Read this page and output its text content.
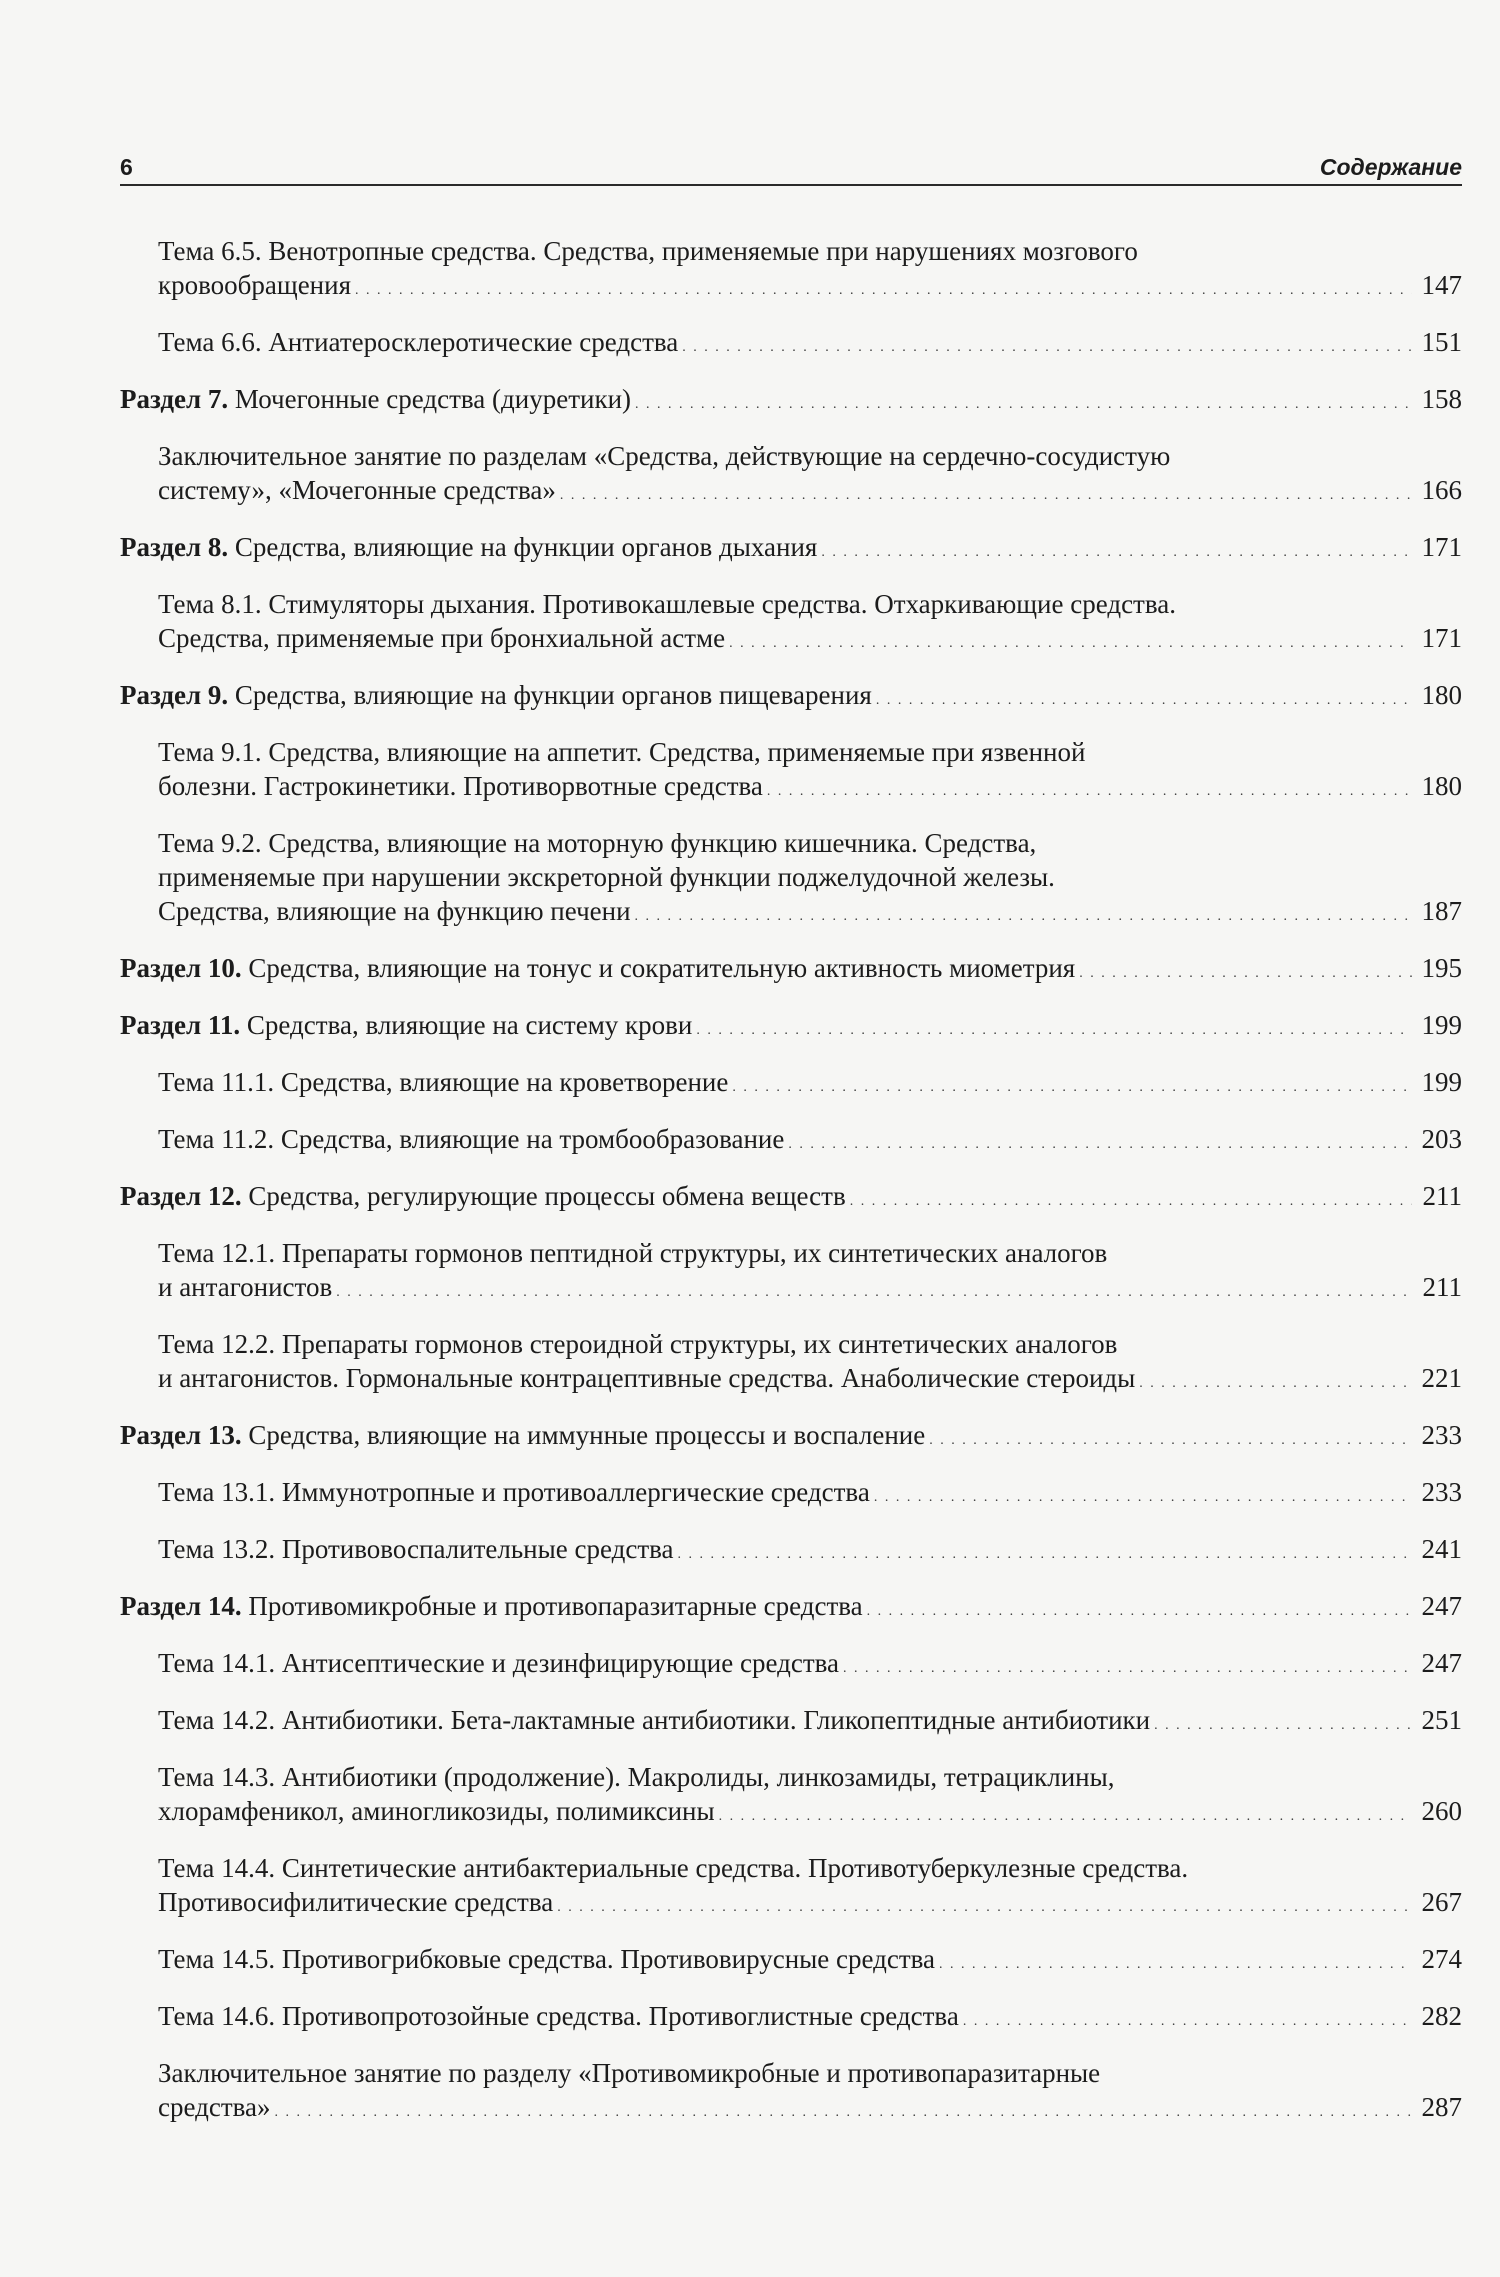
6	Содержание
Тема 6.5. Венотропные средства. Средства, применяемые при нарушениях мозгового
кровообращения . . .	147
Тема 6.6. Антиатеросклеротические средства . . .	151
Раздел 7. Мочегонные средства (диуретики) . . .	158
Заключительное занятие по разделам «Средства, действующие на сердечно-сосудистую
систему», «Мочегонные средства» . . .	166
Раздел 8. Средства, влияющие на функции органов дыхания . . .	171
Тема 8.1. Стимуляторы дыхания. Противокашлевые средства. Отхаркивающие средства.
Средства, применяемые при бронхиальной астме . . .	171
Раздел 9. Средства, влияющие на функции органов пищеварения . . .	180
Тема 9.1. Средства, влияющие на аппетит. Средства, применяемые при язвенной
болезни. Гастрокинетики. Противорвотные средства . . .	180
Тема 9.2. Средства, влияющие на моторную функцию кишечника. Средства,
применяемые при нарушении экскреторной функции поджелудочной железы.
Средства, влияющие на функцию печени . . .	187
Раздел 10. Средства, влияющие на тонус и сократительную активность миометрия . . .	195
Раздел 11. Средства, влияющие на систему крови . . .	199
Тема 11.1. Средства, влияющие на кроветворение . . .	199
Тема 11.2. Средства, влияющие на тромбообразование . . .	203
Раздел 12. Средства, регулирующие процессы обмена веществ . . .	211
Тема 12.1. Препараты гормонов пептидной структуры, их синтетических аналогов
и антагонистов . . .	211
Тема 12.2. Препараты гормонов стероидной структуры, их синтетических аналогов
и антагонистов. Гормональные контрацептивные средства. Анаболические стероиды . . .	221
Раздел 13. Средства, влияющие на иммунные процессы и воспаление . . .	233
Тема 13.1. Иммунотропные и противоаллергические средства . . .	233
Тема 13.2. Противовоспалительные средства . . .	241
Раздел 14. Противомикробные и противопаразитарные средства . . .	247
Тема 14.1. Антисептические и дезинфицирующие средства . . .	247
Тема 14.2. Антибиотики. Бета-лактамные антибиотики. Гликопептидные антибиотики . . .	251
Тема 14.3. Антибиотики (продолжение). Макролиды, линкозамиды, тетрациклины,
хлорамфеникол, аминогликозиды, полимиксины . . .	260
Тема 14.4. Синтетические антибактериальные средства. Противотуберкулезные средства.
Противосифилитические средства . . .	267
Тема 14.5. Противогрибковые средства. Противовирусные средства . . .	274
Тема 14.6. Противопротозойные средства. Противоглистные средства . . .	282
Заключительное занятие по разделу «Противомикробные и противопаразитарные
средства» . . .	287
